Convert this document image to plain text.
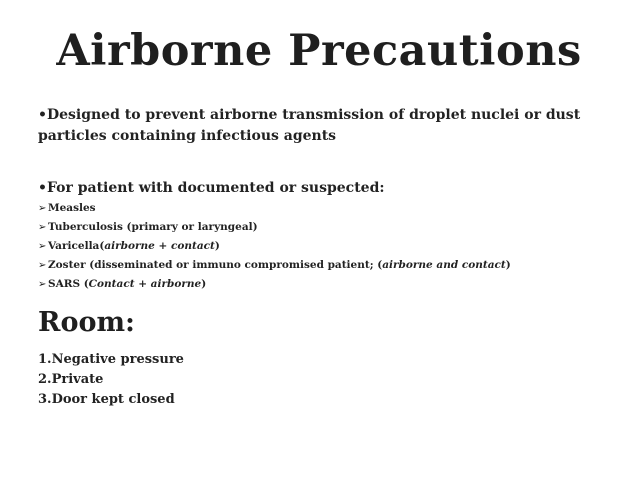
Airborne Precautions
•Designed to prevent airborne transmission of droplet nuclei or dust particles containing infectious agents
•For patient with documented or suspected:
➢ Measles
➢ Tuberculosis (primary or laryngeal)
➢ Varicella(airborne + contact)
➢ Zoster (disseminated or immuno compromised patient; (airborne and contact)
➢ SARS (Contact + airborne)
Room:
1.Negative pressure
2.Private
3.Door kept closed
